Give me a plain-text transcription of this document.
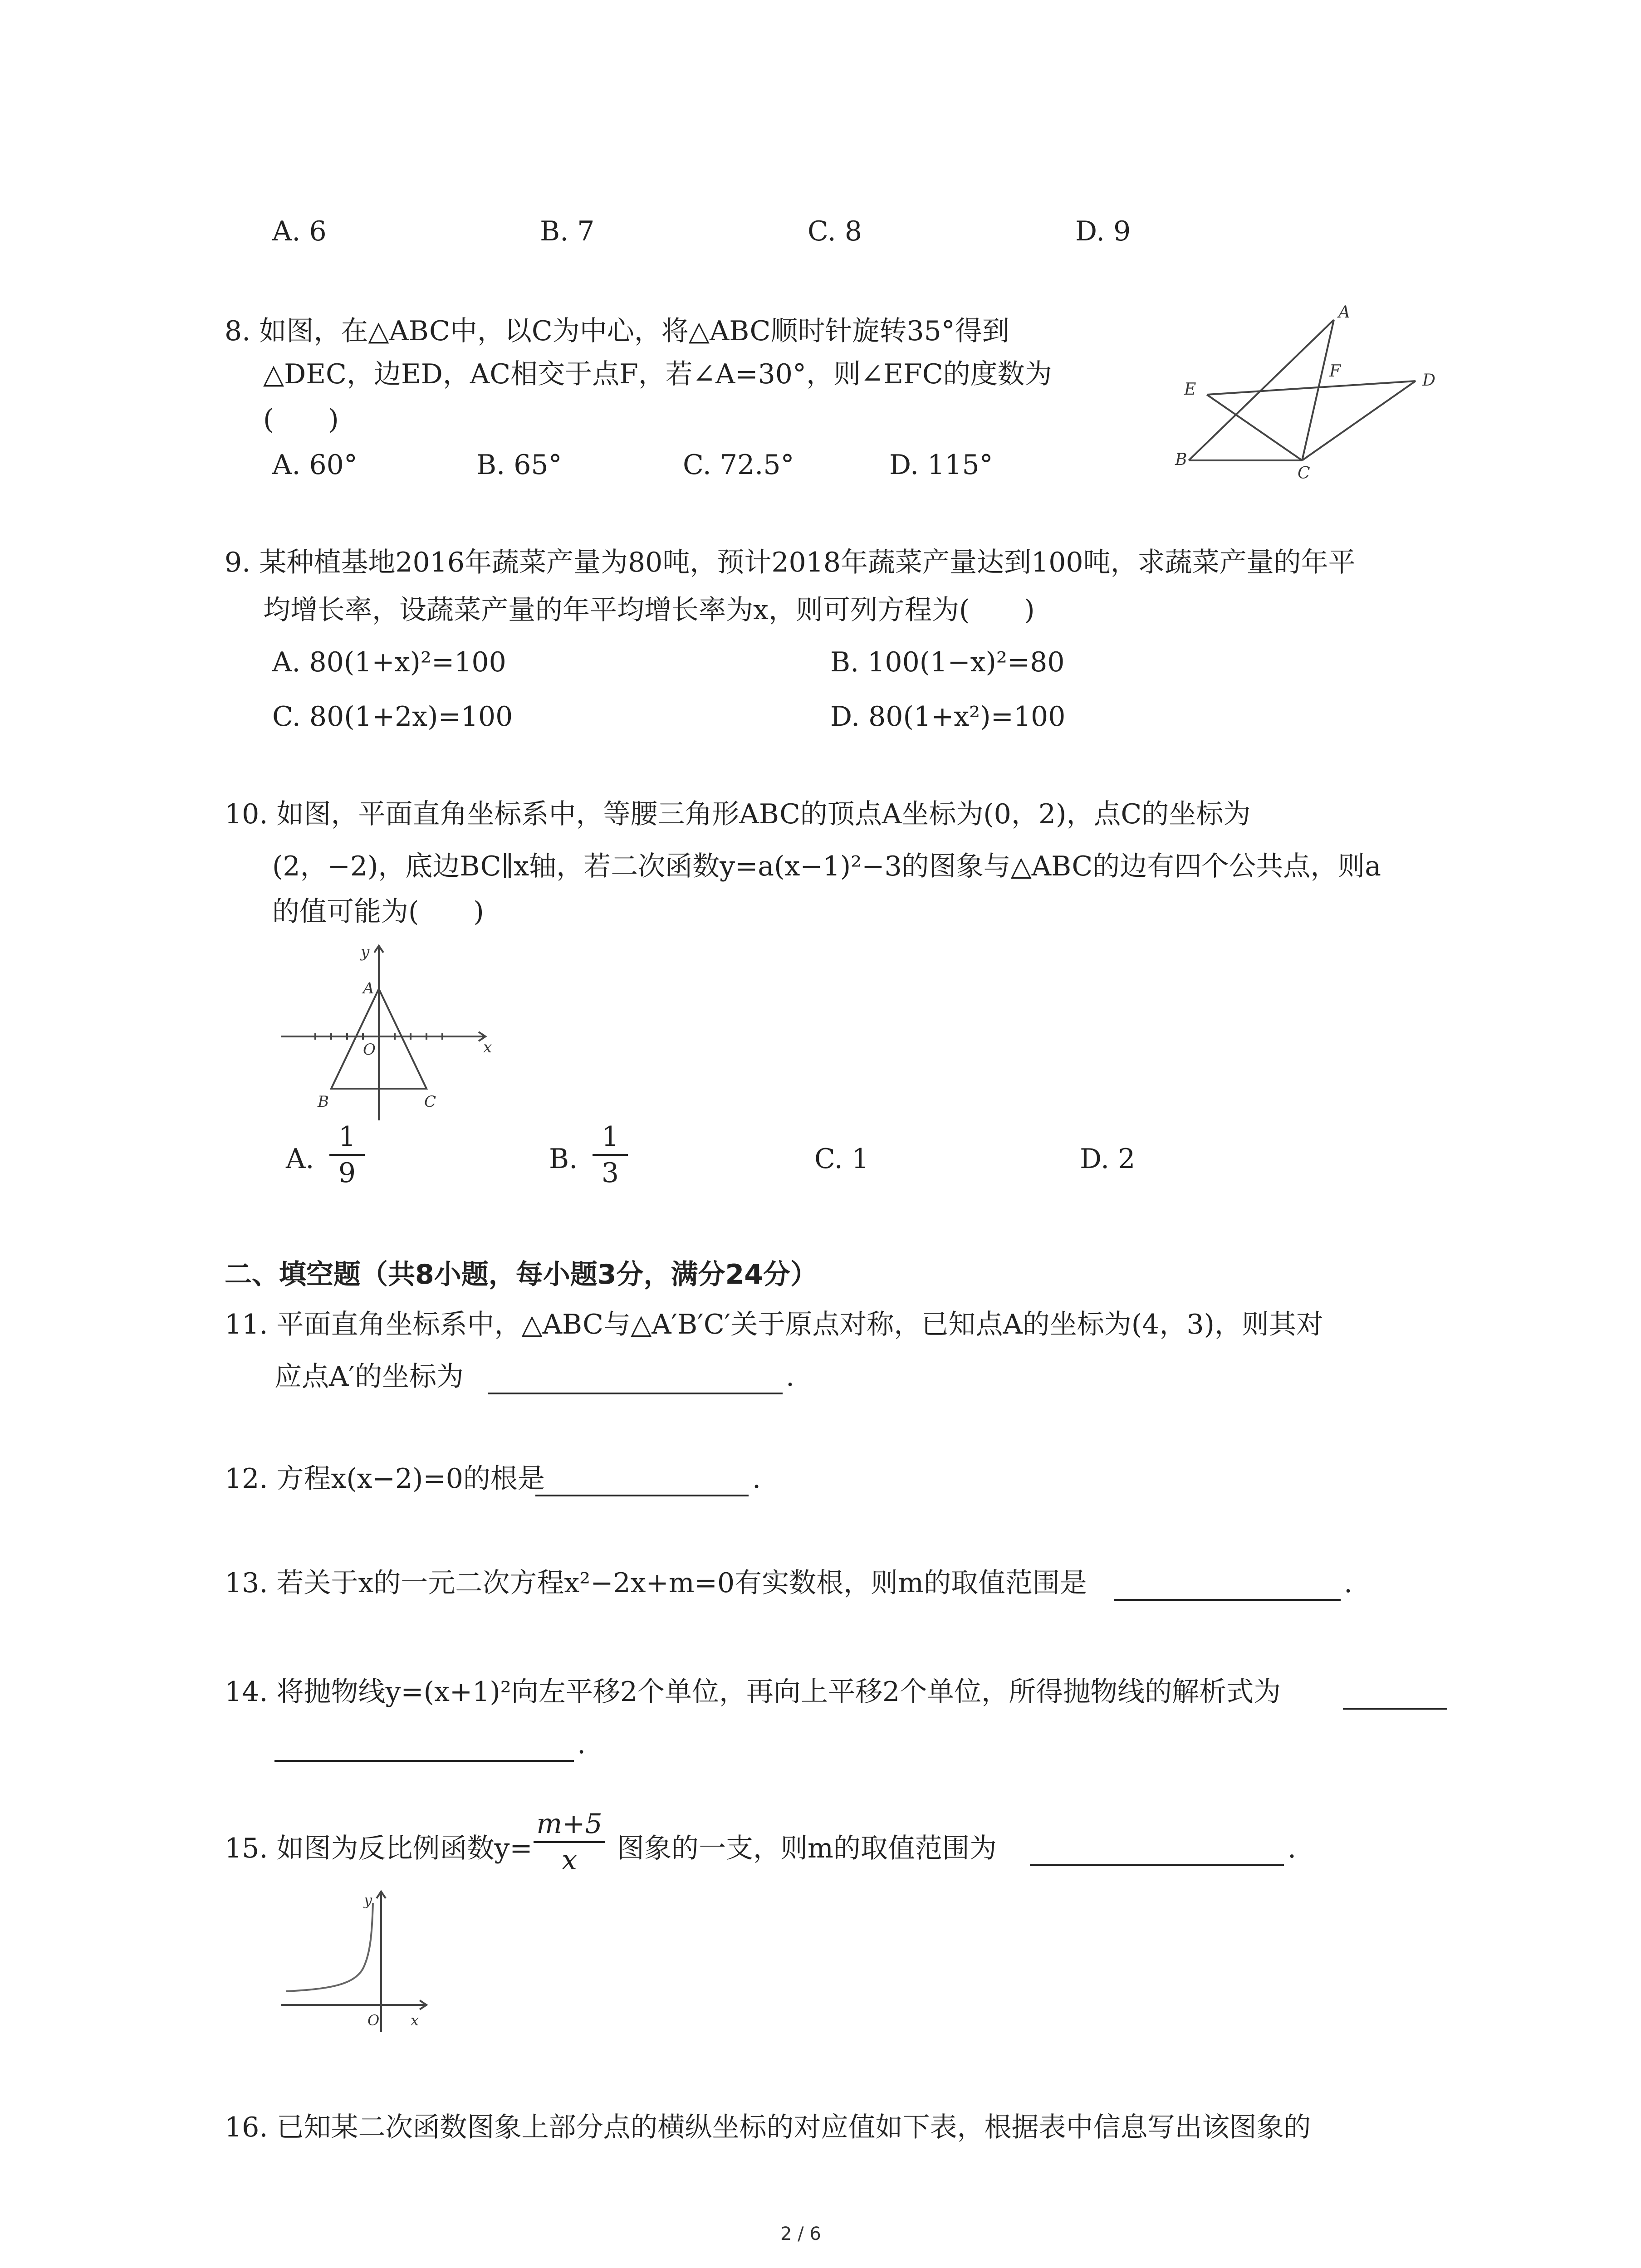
A. 6	B. 7	C. 8	D. 9
8. 如图，在△ABC中，以C为中心，将△ABC顺时针旋转35°得到
△DEC，边ED，AC相交于点F，若∠A=30°，则∠EFC的度数为
(　　)
A. 60°	B. 65°	C. 72.5°	D. 115°
A
B
C
D
E
F
9. 某种植基地2016年蔬菜产量为80吨，预计2018年蔬菜产量达到100吨，求蔬菜产量的年平
均增长率，设蔬菜产量的年平均增长率为x，则可列方程为(　　)
A. 80(1+x)²=100	B. 100(1−x)²=80
C. 80(1+2x)=100	D. 80(1+x²)=100
10. 如图，平面直角坐标系中，等腰三角形ABC的顶点A坐标为(0，2)，点C的坐标为
(2，−2)，底边BC∥x轴，若二次函数y=a(x−1)²−3的图象与△ABC的边有四个公共点，则a
的值可能为(　　)
y
x
A
O
B	C
A.
1
9	B.
1
3	C. 1	D. 2
二、填空题（共8小题，每小题3分，满分24分）
11. 平面直角坐标系中，△ABC与△A′B′C′关于原点对称，已知点A的坐标为(4，3)，则其对
应点A′的坐标为	.
12. 方程x(x−2)=0的根是	.
13. 若关于x的一元二次方程x²−2x+m=0有实数根，则m的取值范围是	.
14. 将抛物线y=(x+1)²向左平移2个单位，再向上平移2个单位，所得抛物线的解析式为
.
15. 如图为反比例函数y=
m+5
x	图象的一支，则m的取值范围为	.
y
x
O
16. 已知某二次函数图象上部分点的横纵坐标的对应值如下表，根据表中信息写出该图象的
2 / 6
